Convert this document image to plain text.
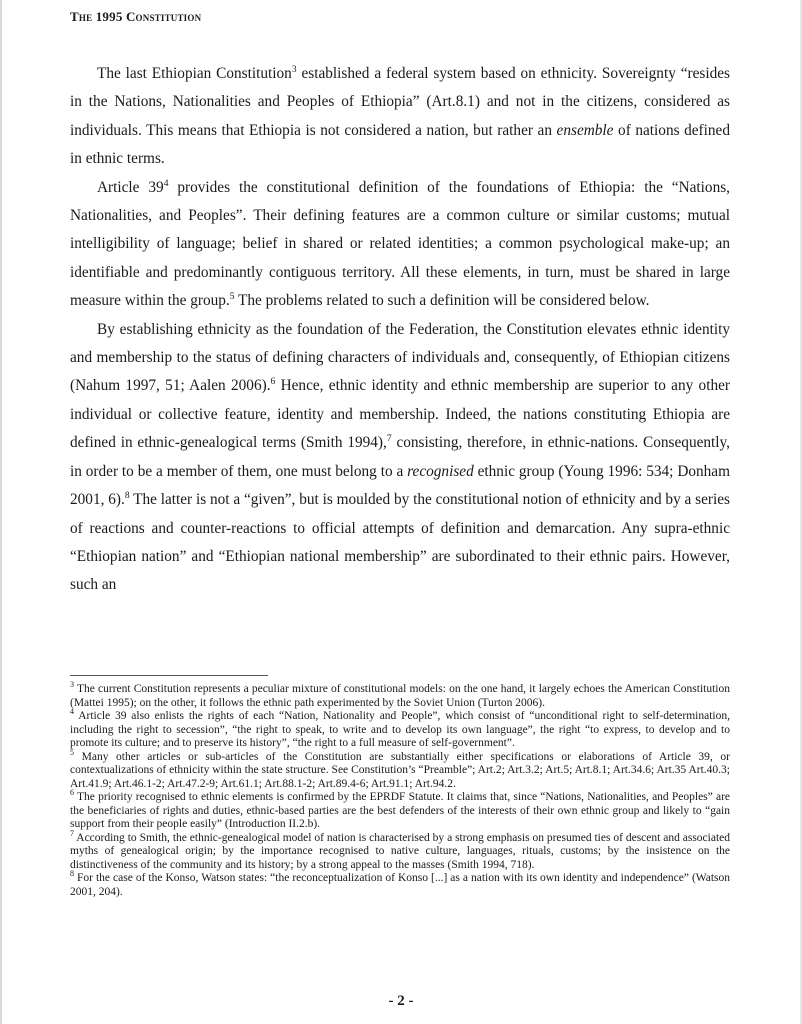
The 1995 Constitution

The last Ethiopian Constitution$^3$ established a federal system based on ethnicity. Sovereignty “resides in the Nations, Nationalities and Peoples of Ethiopia” (Art.8.1) and not in the citizens, considered as individuals. This means that Ethiopia is not considered a nation, but rather an ensemble of nations defined in ethnic terms.

Article $39^4$ provides the constitutional definition of the foundations of Ethiopia: the “Nations, Nationalities, and Peoples”. Their defining features are a common culture or similar customs; mutual intelligibility of language; belief in shared or related identities; a common psychological make-up; an identifiable and predominantly contiguous territory. All these elements, in turn, must be shared in large measure within the group.$^5$ The problems related to such a definition will be considered below.

By establishing ethnicity as the foundation of the Federation, the Constitution elevates ethnic identity and membership to the status of defining characters of individuals and, consequently, of Ethiopian citizens (Nahum 1997, 51; Aalen 2006).$^6$ Hence, ethnic identity and ethnic membership are superior to any other individual or collective feature, identity and membership. Indeed, the nations constituting Ethiopia are defined in ethnic-genealogical terms (Smith 1994),$^7$ consisting, therefore, in ethnic-nations. Consequently, in order to be a member of them, one must belong to a recognised ethnic group (Young 1996: 534; Donham 2001, 6).$^8$ The latter is not a “given”, but is moulded by the constitutional notion of ethnicity and by a series of reactions and counter-reactions to official attempts of definition and demarcation. Any supra-ethnic “Ethiopian nation” and “Ethiopian national membership” are subordinated to their ethnic pairs. However, such an

$^3$ The current Constitution represents a peculiar mixture of constitutional models: on the one hand, it largely echoes the American Constitution (Mattei 1995); on the other, it follows the ethnic path experimented by the Soviet Union (Turton 2006).

$^4$ Article 39 also enlists the rights of each “Nation, Nationality and People”, which consist of “unconditional right to self-determination, including the right to secession”, “the right to speak, to write and to develop its own language”, the right “to express, to develop and to promote its culture; and to preserve its history”, “the right to a full measure of self-government”.

$^5$ Many other articles or sub-articles of the Constitution are substantially either specifications or elaborations of Article 39, or contextualizations of ethnicity within the state structure. See Constitution’s “Preamble”; Art.2; Art.3.2; Art.5; Art.8.1; Art.34.6; Art.35 Art.40.3; Art.41.9; Art.46.1-2; Art.47.2-9; Art.61.1; Art.88.1-2; Art.89.4-6; Art.91.1; Art.94.2.

$^6$ The priority recognised to ethnic elements is confirmed by the EPRDF Statute. It claims that, since “Nations, Nationalities, and Peoples” are the beneficiaries of rights and duties, ethnic-based parties are the best defenders of the interests of their own ethnic group and likely to “gain support from their people easily” (Introduction II.2.b).

$^7$ According to Smith, the ethnic-genealogical model of nation is characterised by a strong emphasis on presumed ties of descent and associated myths of genealogical origin; by the importance recognised to native culture, languages, rituals, customs; by the insistence on the distinctiveness of the community and its history; by a strong appeal to the masses (Smith 1994, 718).

$^8$ For the case of the Konso, Watson states: “the reconceptualization of Konso [...] as a nation with its own identity and independence” (Watson 2001, 204).

- 2 -
